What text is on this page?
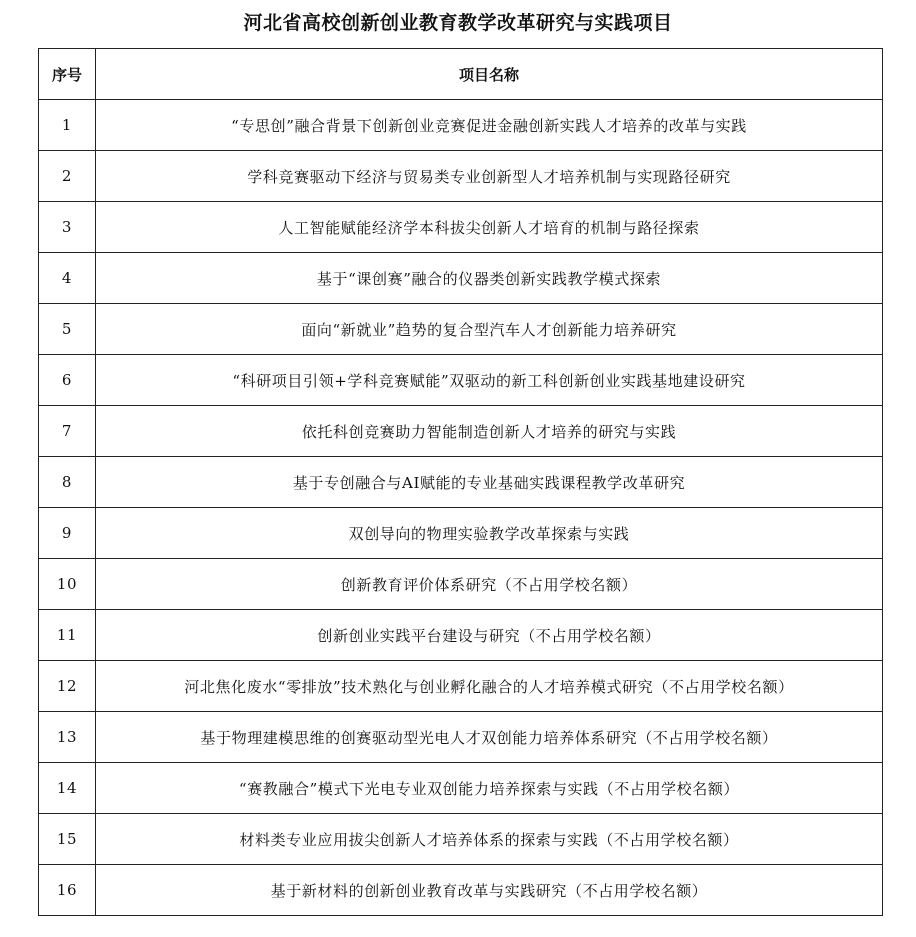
河北省高校创新创业教育教学改革研究与实践项目
序号	项目名称
1	“专思创”融合背景下创新创业竞赛促进金融创新实践人才培养的改革与实践
2	学科竞赛驱动下经济与贸易类专业创新型人才培养机制与实现路径研究
3	人工智能赋能经济学本科拔尖创新人才培育的机制与路径探索
4	基于“课创赛”融合的仪器类创新实践教学模式探索
5	面向“新就业”趋势的复合型汽车人才创新能力培养研究
6	“科研项目引领+学科竞赛赋能”双驱动的新工科创新创业实践基地建设研究
7	依托科创竞赛助力智能制造创新人才培养的研究与实践
8	基于专创融合与AI赋能的专业基础实践课程教学改革研究
9	双创导向的物理实验教学改革探索与实践
10	创新教育评价体系研究（不占用学校名额）
11	创新创业实践平台建设与研究（不占用学校名额）
12	河北焦化废水“零排放”技术熟化与创业孵化融合的人才培养模式研究（不占用学校名额）
13	基于物理建模思维的创赛驱动型光电人才双创能力培养体系研究（不占用学校名额）
14	“赛教融合”模式下光电专业双创能力培养探索与实践（不占用学校名额）
15	材料类专业应用拔尖创新人才培养体系的探索与实践（不占用学校名额）
16	基于新材料的创新创业教育改革与实践研究（不占用学校名额）
